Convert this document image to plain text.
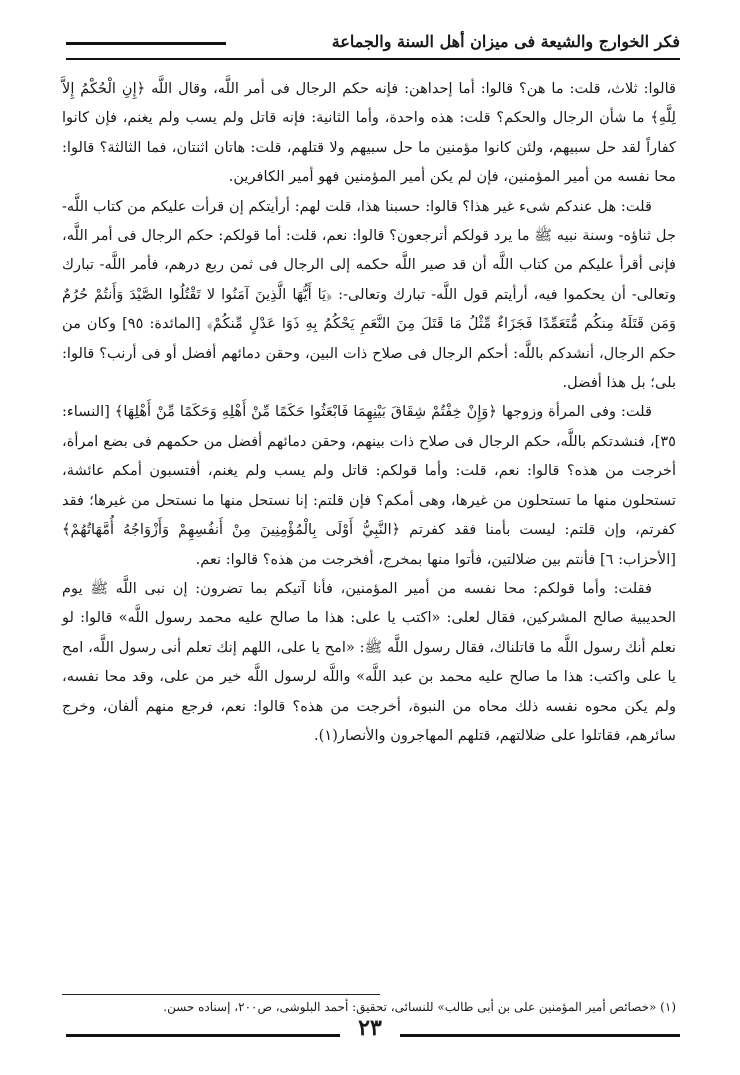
فكر الخوارج والشيعة فى ميزان أهل السنة والجماعة

قالوا: ثلاث، قلت: ما هن؟ قالوا: أما إحداهن: فإنه حكم الرجال فى أمر اللَّه، وقال اللَّه ﴿إِنِ الْحُكْمُ إِلاَّ لِلَّهِ﴾ ما شأن الرجال والحكم؟ قلت: هذه واحدة، وأما الثانية: فإنه قاتل ولم يسب ولم يغنم، فإن كانوا كفاراً لقد حل سبيهم، ولئن كانوا مؤمنين ما حل سبيهم ولا قتلهم، قلت: هاتان اثنتان، فما الثالثة؟ قالوا: محا نفسه من أمير المؤمنين، فإن لم يكن أمير المؤمنين فهو أمير الكافرين.

قلت: هل عندكم شىء غير هذا؟ قالوا: حسبنا هذا، قلت لهم: أرأيتكم إن قرأت عليكم من كتاب اللَّه- جل ثناؤه- وسنة نبيه ﷺ ما يرد قولكم أترجعون؟ قالوا: نعم، قلت: أما قولكم: حكم الرجال فى أمر اللَّه، فإنى أقرأ عليكم من كتاب اللَّه أن قد صير اللَّه حكمه إلى الرجال فى ثمن ربع درهم، فأمر اللَّه- تبارك وتعالى- أن يحكموا فيه، أرأيتم قول اللَّه- تبارك وتعالى-: ﴿يَا أَيُّهَا الَّذِينَ آمَنُوا لا تَقْتُلُوا الصَّيْدَ وَأَنتُمْ حُرُمٌ وَمَن قَتَلَهُ مِنكُم مُّتَعَمِّدًا فَجَزَاءٌ مِّثْلُ مَا قَتَلَ مِنَ النَّعَمِ يَحْكُمُ بِهِ ذَوَا عَدْلٍ مِّنكُمْ﴾ [المائدة: ٩٥] وكان من حكم الرجال، أنشدكم باللَّه: أحكم الرجال فى صلاح ذات البين، وحقن دمائهم أفضل أو فى أرنب؟ قالوا: بلى؛ بل هذا أفضل.

قلت: وفى المرأة وزوجها ﴿وَإِنْ خِفْتُمْ شِقَاقَ بَيْنِهِمَا فَابْعَثُوا حَكَمًا مِّنْ أَهْلِهِ وَحَكَمًا مِّنْ أَهْلِهَا﴾ [النساء: ٣٥]، فنشدتكم باللَّه، حكم الرجال فى صلاح ذات بينهم، وحقن دمائهم أفضل من حكمهم فى بضع امرأة، أخرجت من هذه؟ قالوا: نعم، قلت: وأما قولكم: قاتل ولم يسب ولم يغنم، أفتسبون أمكم عائشة، تستحلون منها ما تستحلون من غيرها، وهى أمكم؟ فإن قلتم: إنا نستحل منها ما نستحل من غيرها؛ فقد كفرتم، وإن قلتم: ليست بأمنا فقد كفرتم ﴿النَّبِيُّ أَوْلَى بِالْمُؤْمِنِينَ مِنْ أَنفُسِهِمْ وَأَزْوَاجُهُ أُمَّهَاتُهُمْ﴾ [الأحزاب: ٦] فأنتم بين ضلالتين، فأتوا منها بمخرج، أفخرجت من هذه؟ قالوا: نعم.

فقلت: وأما قولكم: محا نفسه من أمير المؤمنين، فأنا آتيكم بما تضرون: إن نبى اللَّه ﷺ يوم الحديبية صالح المشركين، فقال لعلى: «اكتب يا على: هذا ما صالح عليه محمد رسول اللَّه» قالوا: لو نعلم أنك رسول اللَّه ما قاتلناك، فقال رسول اللَّه ﷺ: «امح يا على، اللهم إنك تعلم أنى رسول اللَّه، امح يا على واكتب: هذا ما صالح عليه محمد بن عبد اللَّه» واللَّه لرسول اللَّه خير من على، وقد محا نفسه، ولم يكن محوه نفسه ذلك محاه من النبوة، أخرجت من هذه؟ قالوا: نعم، فرجع منهم ألفان، وخرج سائرهم، فقاتلوا على ضلالتهم، قتلهم المهاجرون والأنصار(١).

(١) «خصائص أمير المؤمنين على بن أبى طالب» للنسائى، تحقيق: أحمد البلوشى، ص٢٠٠، إسناده حسن.
٢٣
